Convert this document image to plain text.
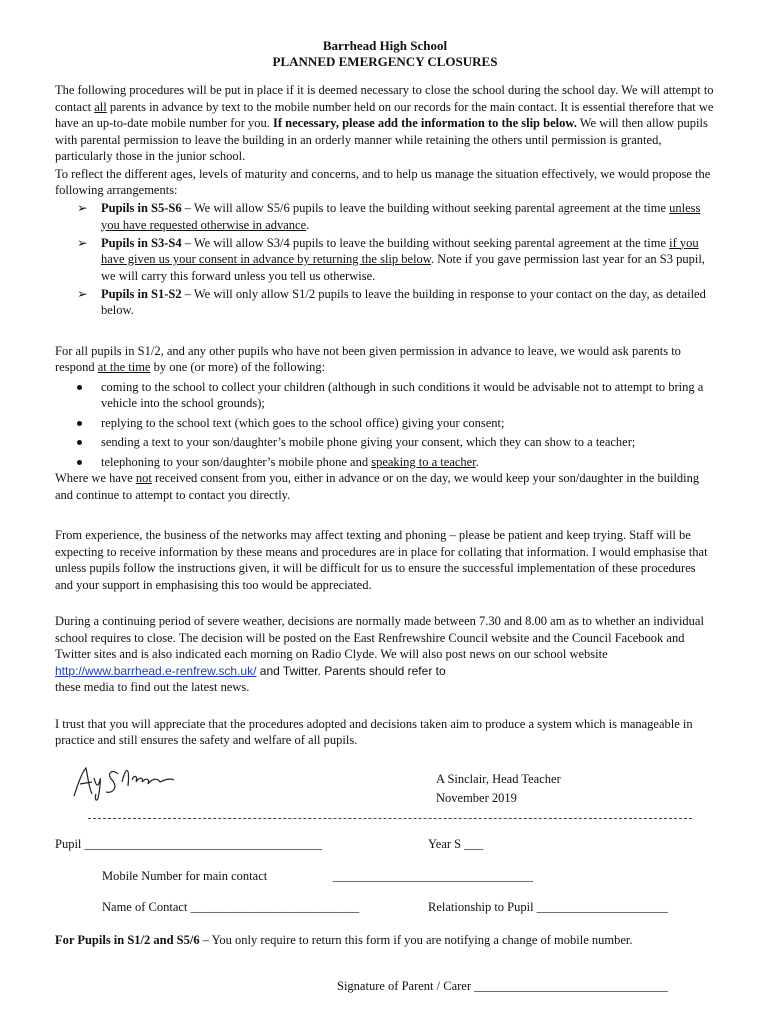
Barrhead High School
PLANNED EMERGENCY CLOSURES

The following procedures will be put in place if it is deemed necessary to close the school during the school day. We will attempt to contact all parents in advance by text to the mobile number held on our records for the main contact. It is essential therefore that we have an up-to-date mobile number for you. If necessary, please add the information to the slip below. We will then allow pupils with parental permission to leave the building in an orderly manner while retaining the others until permission is granted, particularly those in the junior school.

To reflect the different ages, levels of maturity and concerns, and to help us manage the situation effectively, we would propose the following arrangements:

➢ Pupils in S5-S6 – We will allow S5/6 pupils to leave the building without seeking parental agreement at the time unless you have requested otherwise in advance.
➢ Pupils in S3-S4 – We will allow S3/4 pupils to leave the building without seeking parental agreement at the time if you have given us your consent in advance by returning the slip below. Note if you gave permission last year for an S3 pupil, we will carry this forward unless you tell us otherwise.
➢ Pupils in S1-S2 – We will only allow S1/2 pupils to leave the building in response to your contact on the day, as detailed below.

For all pupils in S1/2, and any other pupils who have not been given permission in advance to leave, we would ask parents to respond at the time by one (or more) of the following:

coming to the school to collect your children (although in such conditions it would be advisable not to attempt to bring a vehicle into the school grounds);
replying to the school text (which goes to the school office) giving your consent;
sending a text to your son/daughter’s mobile phone giving your consent, which they can show to a teacher;
telephoning to your son/daughter’s mobile phone and speaking to a teacher.

Where we have not received consent from you, either in advance or on the day, we would keep your son/daughter in the building and continue to attempt to contact you directly.

From experience, the business of the networks may affect texting and phoning – please be patient and keep trying. Staff will be expecting to receive information by these means and procedures are in place for collating that information. I would emphasise that unless pupils follow the instructions given, it will be difficult for us to ensure the successful implementation of these procedures and your support in emphasising this too would be appreciated.

During a continuing period of severe weather, decisions are normally made between 7.30 and 8.00 am as to whether an individual school requires to close. The decision will be posted on the East Renfrewshire Council website and the Council Facebook and Twitter sites and is also indicated each morning on Radio Clyde. We will also post news on our school website http://www.barrhead.e-renfrew.sch.uk/ and Twitter. Parents should refer to
these media to find out the latest news.

I trust that you will appreciate that the procedures adopted and decisions taken aim to produce a system which is manageable in practice and still ensures the safety and welfare of all pupils.

A Sinclair, Head Teacher
November 2019
Pupil ______________________________________	Year S ___
Mobile Number for main contact	________________________________
Name of Contact ___________________________	Relationship to Pupil _____________________
For Pupils in S1/2 and S5/6 – You only require to return this form if you are notifying a change of mobile number.
Signature of Parent / Carer _______________________________
